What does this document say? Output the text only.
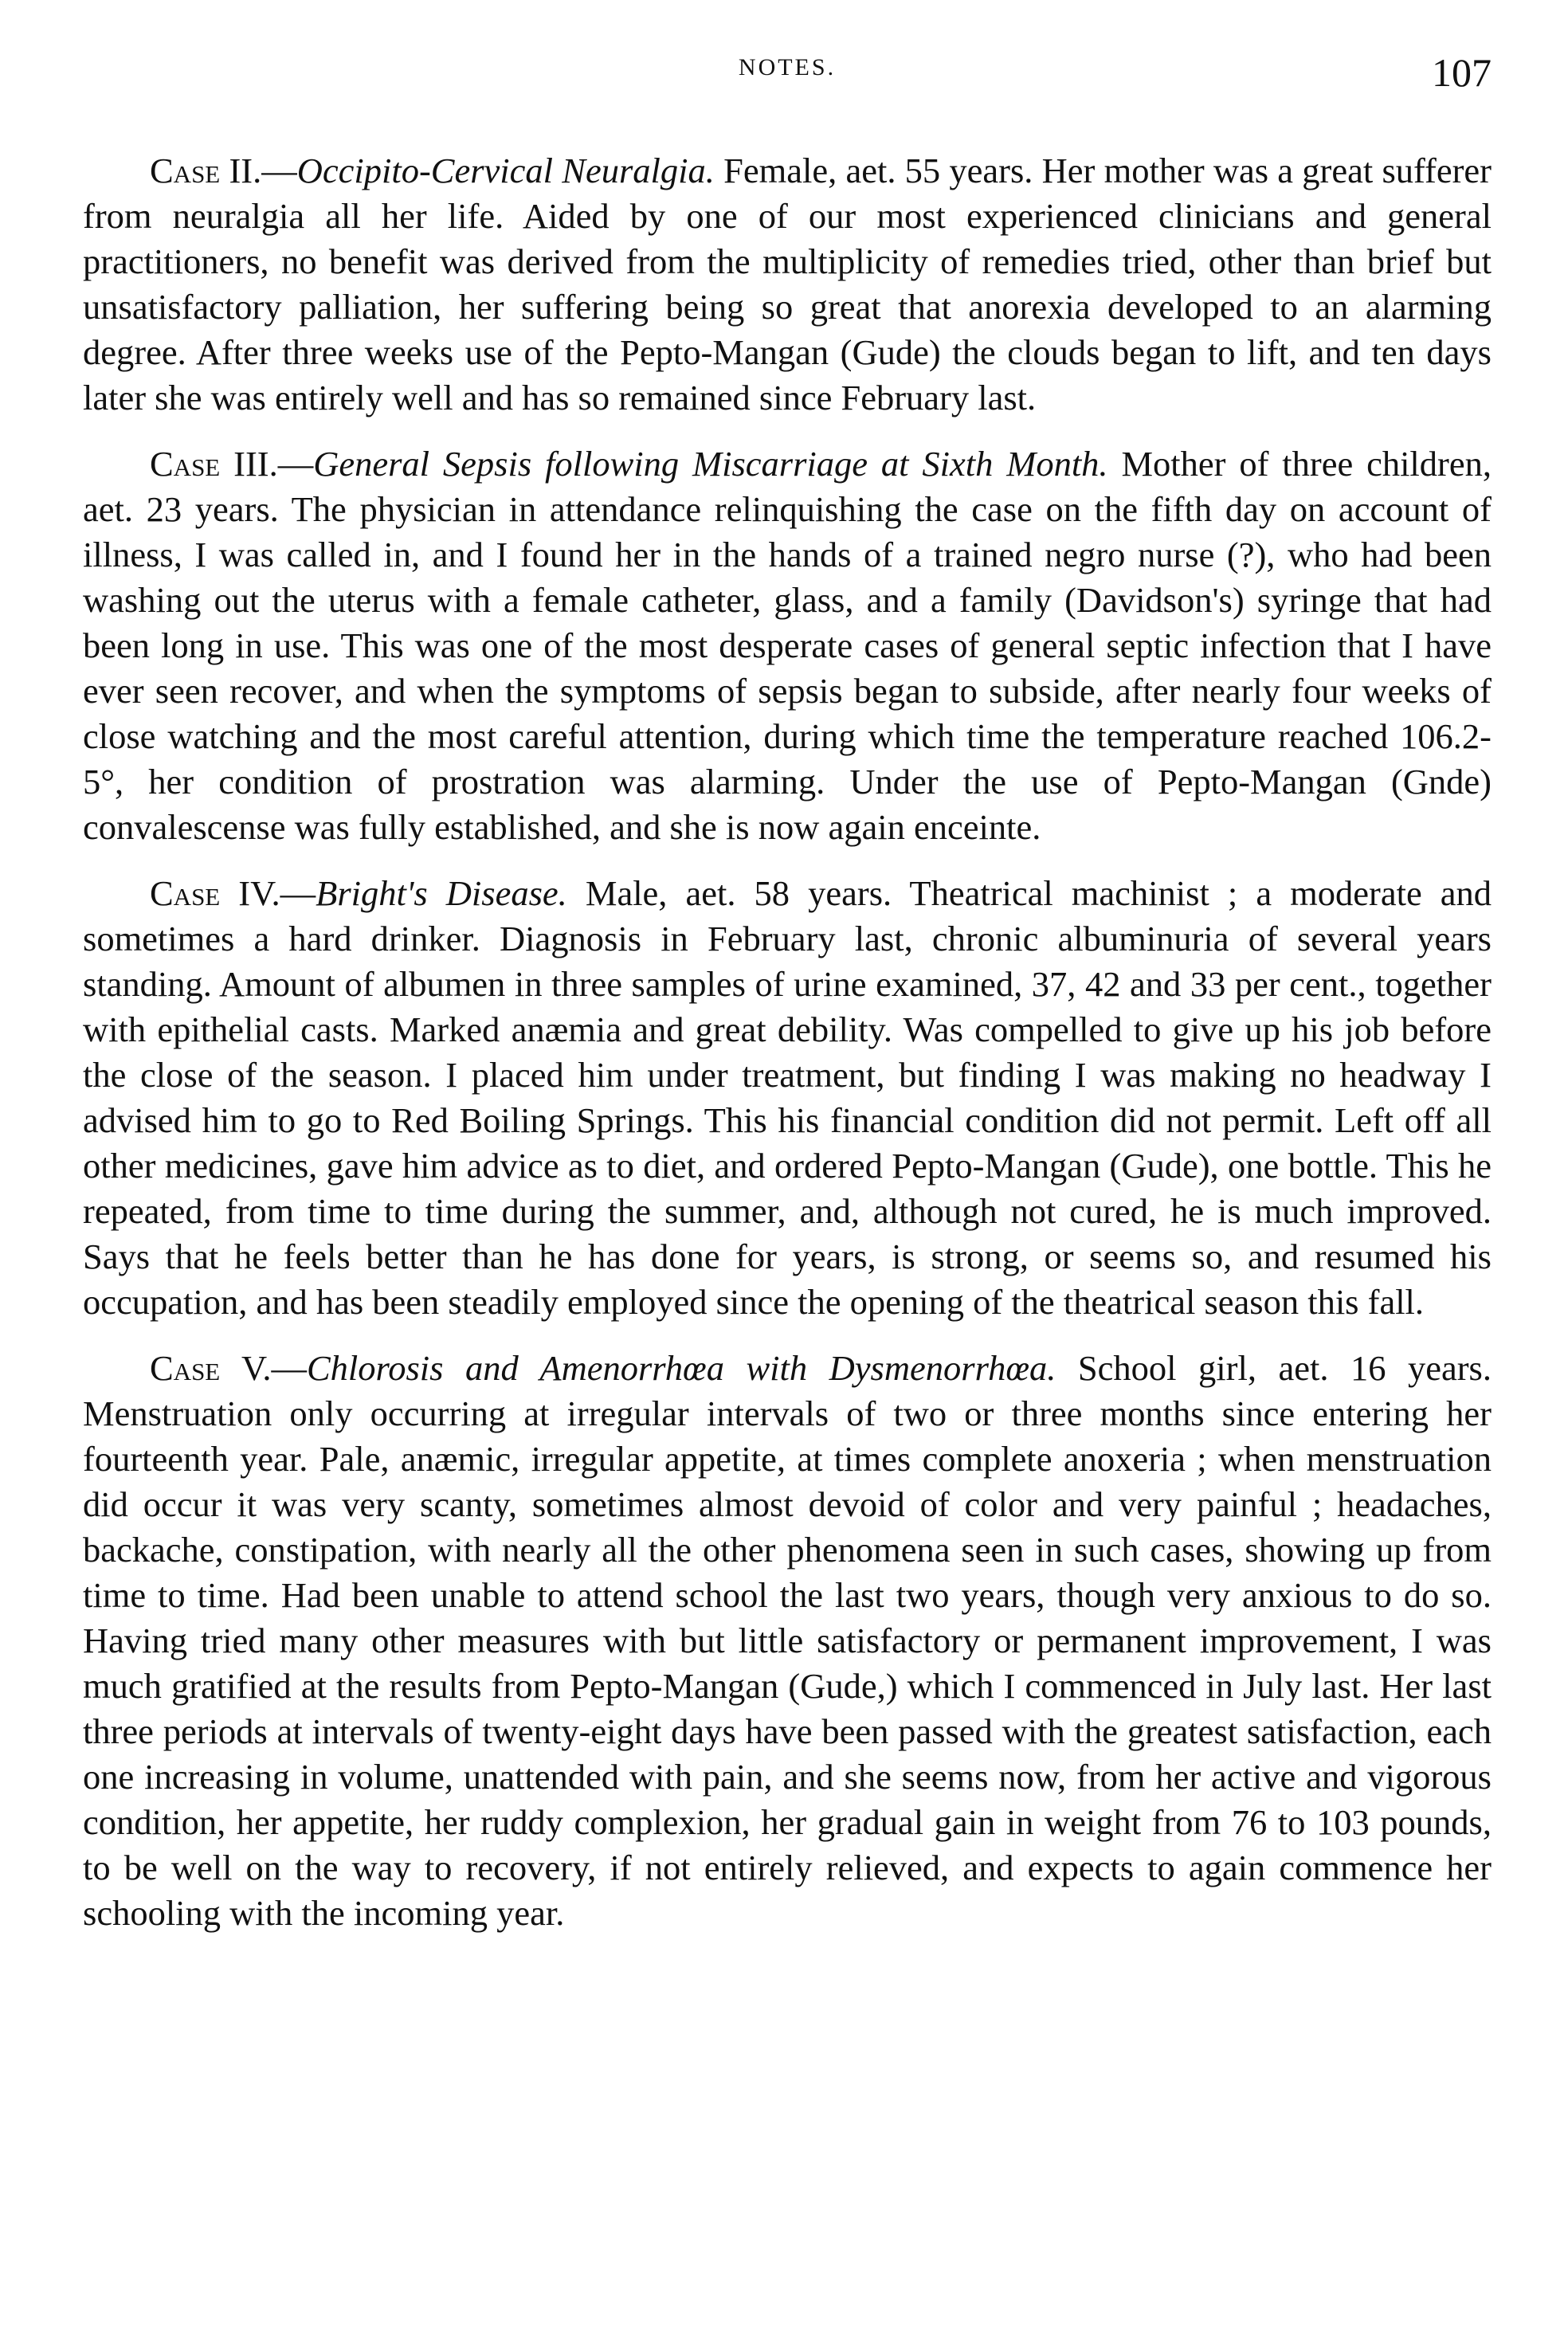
NOTES.	107

Case II.—Occipito-Cervical Neuralgia. Female, aet. 55 years. Her mother was a great sufferer from neuralgia all her life. Aided by one of our most experienced clinicians and general practitioners, no benefit was derived from the multiplicity of remedies tried, other than brief but unsatisfactory palliation, her suffering being so great that anorexia developed to an alarming degree. After three weeks use of the Pepto-Mangan (Gude) the clouds began to lift, and ten days later she was entirely well and has so remained since February last.

Case III.—General Sepsis following Miscarriage at Sixth Month. Mother of three children, aet. 23 years. The physician in attendance relinquishing the case on the fifth day on account of illness, I was called in, and I found her in the hands of a trained negro nurse (?), who had been washing out the uterus with a female catheter, glass, and a family (Davidson's) syringe that had been long in use. This was one of the most desperate cases of general septic infection that I have ever seen recover, and when the symptoms of sepsis began to subside, after nearly four weeks of close watching and the most careful attention, during which time the temperature reached 106.2-5°, her condition of prostration was alarming. Under the use of Pepto-Mangan (Gnde) convalescense was fully established, and she is now again enceinte.

Case IV.—Bright's Disease. Male, aet. 58 years. Theatrical machinist ; a moderate and sometimes a hard drinker. Diagnosis in February last, chronic albuminuria of several years standing. Amount of albumen in three samples of urine examined, 37, 42 and 33 per cent., together with epithelial casts. Marked anæmia and great debility. Was compelled to give up his job before the close of the season. I placed him under treatment, but finding I was making no headway I advised him to go to Red Boiling Springs. This his financial condition did not permit. Left off all other medicines, gave him advice as to diet, and ordered Pepto-Mangan (Gude), one bottle. This he repeated, from time to time during the summer, and, although not cured, he is much improved. Says that he feels better than he has done for years, is strong, or seems so, and resumed his occupation, and has been steadily employed since the opening of the theatrical season this fall.

Case V.—Chlorosis and Amenorrhœa with Dysmenorrhœa. School girl, aet. 16 years. Menstruation only occurring at irregular intervals of two or three months since entering her fourteenth year. Pale, anæmic, irregular appetite, at times complete anoxeria ; when menstruation did occur it was very scanty, sometimes almost devoid of color and very painful ; headaches, backache, constipation, with nearly all the other phenomena seen in such cases, showing up from time to time. Had been unable to attend school the last two years, though very anxious to do so. Having tried many other measures with but little satisfactory or permanent improvement, I was much gratified at the results from Pepto-Mangan (Gude,) which I commenced in July last. Her last three periods at intervals of twenty-eight days have been passed with the greatest satisfaction, each one increasing in volume, unattended with pain, and she seems now, from her active and vigorous condition, her appetite, her ruddy complexion, her gradual gain in weight from 76 to 103 pounds, to be well on the way to recovery, if not entirely relieved, and expects to again commence her schooling with the incoming year.
